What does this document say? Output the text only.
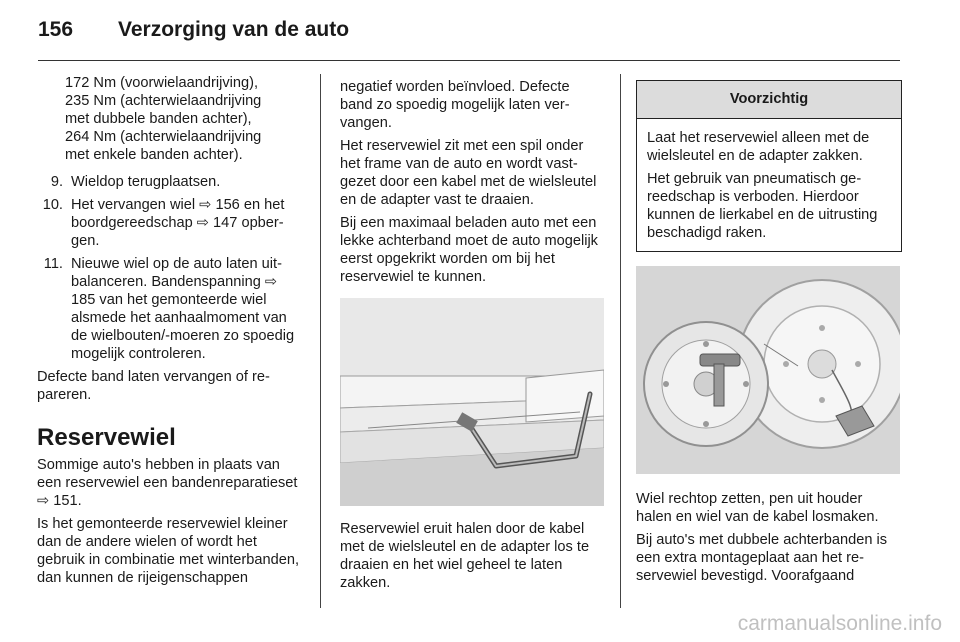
156 Verzorging van de auto
172 Nm (voorwielaandrijving),
235 Nm (achterwielaandrijving
met dubbele banden achter),
264 Nm (achterwielaandrijving
met enkele banden achter).
9. Wieldop terugplaatsen.
10. Het vervangen wiel ⇨ 156 en het boordgereedschap ⇨ 147 opbergen.
11. Nieuwe wiel op de auto laten uitbalanceren. Bandenspanning ⇨ 185 van het gemonteerde wiel alsmede het aanhaalmoment van de wielbouten/-moeren zo spoedig mogelijk controleren.

Defecte band laten vervangen of repareren.

Reservewiel

Sommige auto's hebben in plaats van een reservewiel een bandenreparatieset ⇨ 151.

Is het gemonteerde reservewiel kleiner dan de andere wielen of wordt het gebruik in combinatie met winterbanden, dan kunnen de rijeigenschappen

negatief worden beïnvloed. Defecte band zo spoedig mogelijk laten vervangen.

Het reservewiel zit met een spil onder het frame van de auto en wordt vastgezet door een kabel met de wielsleutel en de adapter vast te draaien.

Bij een maximaal beladen auto met een lekke achterband moet de auto mogelijk eerst opgekrikt worden om bij het reservewiel te kunnen.

Reservewiel eruit halen door de kabel met de wielsleutel en de adapter los te draaien en het wiel geheel te laten zakken.

Voorzichtig

Laat het reservewiel alleen met de wielsleutel en de adapter zakken.

Het gebruik van pneumatisch gereedschap is verboden. Hierdoor kunnen de lierkabel en de uitrusting beschadigd raken.

Wiel rechtop zetten, pen uit houder halen en wiel van de kabel losmaken.

Bij auto's met dubbele achterbanden is een extra montageplaat aan het reservewiel bevestigd. Voorafgaand

carmanualsonline.info
